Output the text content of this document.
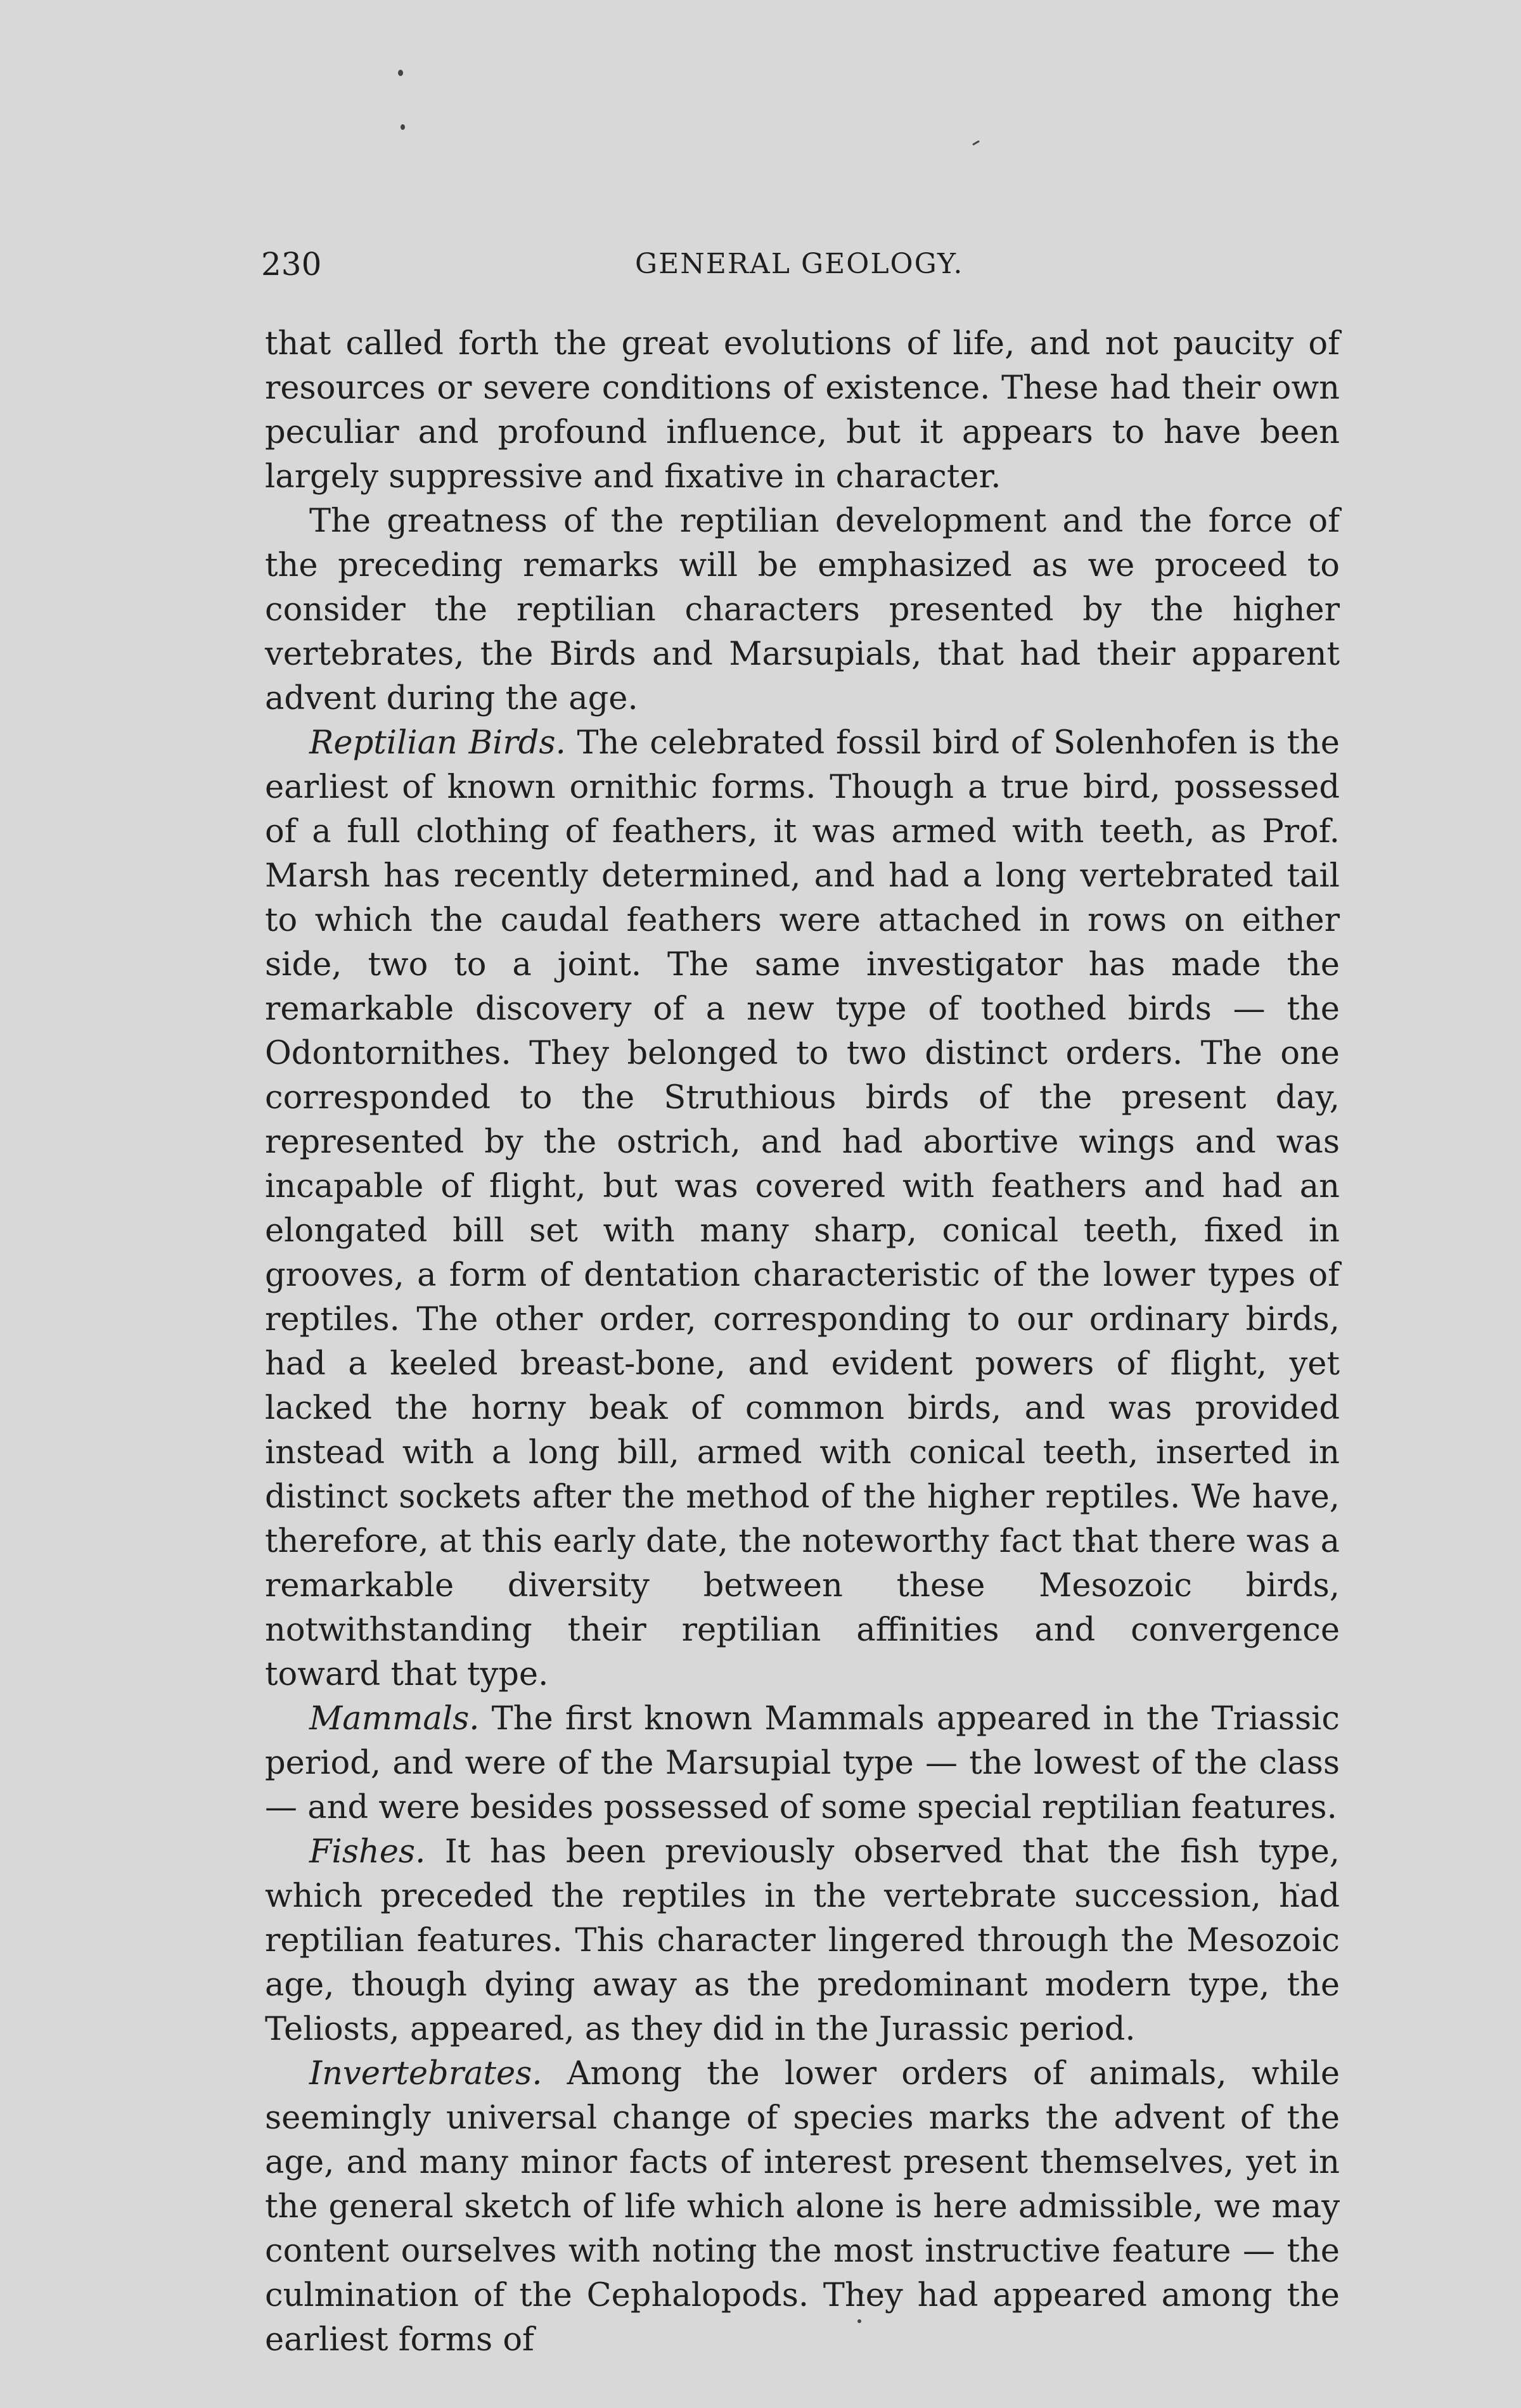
230	GENERAL GEOLOGY.

that called forth the great evolutions of life, and not paucity of resources or severe conditions of existence. These had their own peculiar and profound influence, but it appears to have been largely suppressive and fixative in character.

The greatness of the reptilian development and the force of the preceding remarks will be emphasized as we proceed to consider the reptilian characters presented by the higher vertebrates, the Birds and Marsupials, that had their apparent advent during the age.

Reptilian Birds. The celebrated fossil bird of Solenhofen is the earliest of known ornithic forms. Though a true bird, possessed of a full clothing of feathers, it was armed with teeth, as Prof. Marsh has recently determined, and had a long vertebrated tail to which the caudal feathers were attached in rows on either side, two to a joint. The same investigator has made the remarkable discovery of a new type of toothed birds — the Odontornithes. They belonged to two distinct orders. The one corresponded to the Struthious birds of the present day, represented by the ostrich, and had abortive wings and was incapable of flight, but was covered with feathers and had an elongated bill set with many sharp, conical teeth, fixed in grooves, a form of dentation characteristic of the lower types of reptiles. The other order, corresponding to our ordinary birds, had a keeled breast-bone, and evident powers of flight, yet lacked the horny beak of common birds, and was provided instead with a long bill, armed with conical teeth, inserted in distinct sockets after the method of the higher reptiles. We have, therefore, at this early date, the noteworthy fact that there was a remarkable diversity between these Mesozoic birds, notwithstanding their reptilian affinities and convergence toward that type.

Mammals. The first known Mammals appeared in the Triassic period, and were of the Marsupial type — the lowest of the class — and were besides possessed of some special reptilian features.

Fishes. It has been previously observed that the fish type, which preceded the reptiles in the vertebrate succession, had reptilian features. This character lingered through the Mesozoic age, though dying away as the predominant modern type, the Teliosts, appeared, as they did in the Jurassic period.

Invertebrates. Among the lower orders of animals, while seemingly universal change of species marks the advent of the age, and many minor facts of interest present themselves, yet in the general sketch of life which alone is here admissible, we may content ourselves with noting the most instructive feature — the culmination of the Cephalopods. They had appeared among the earliest forms of
